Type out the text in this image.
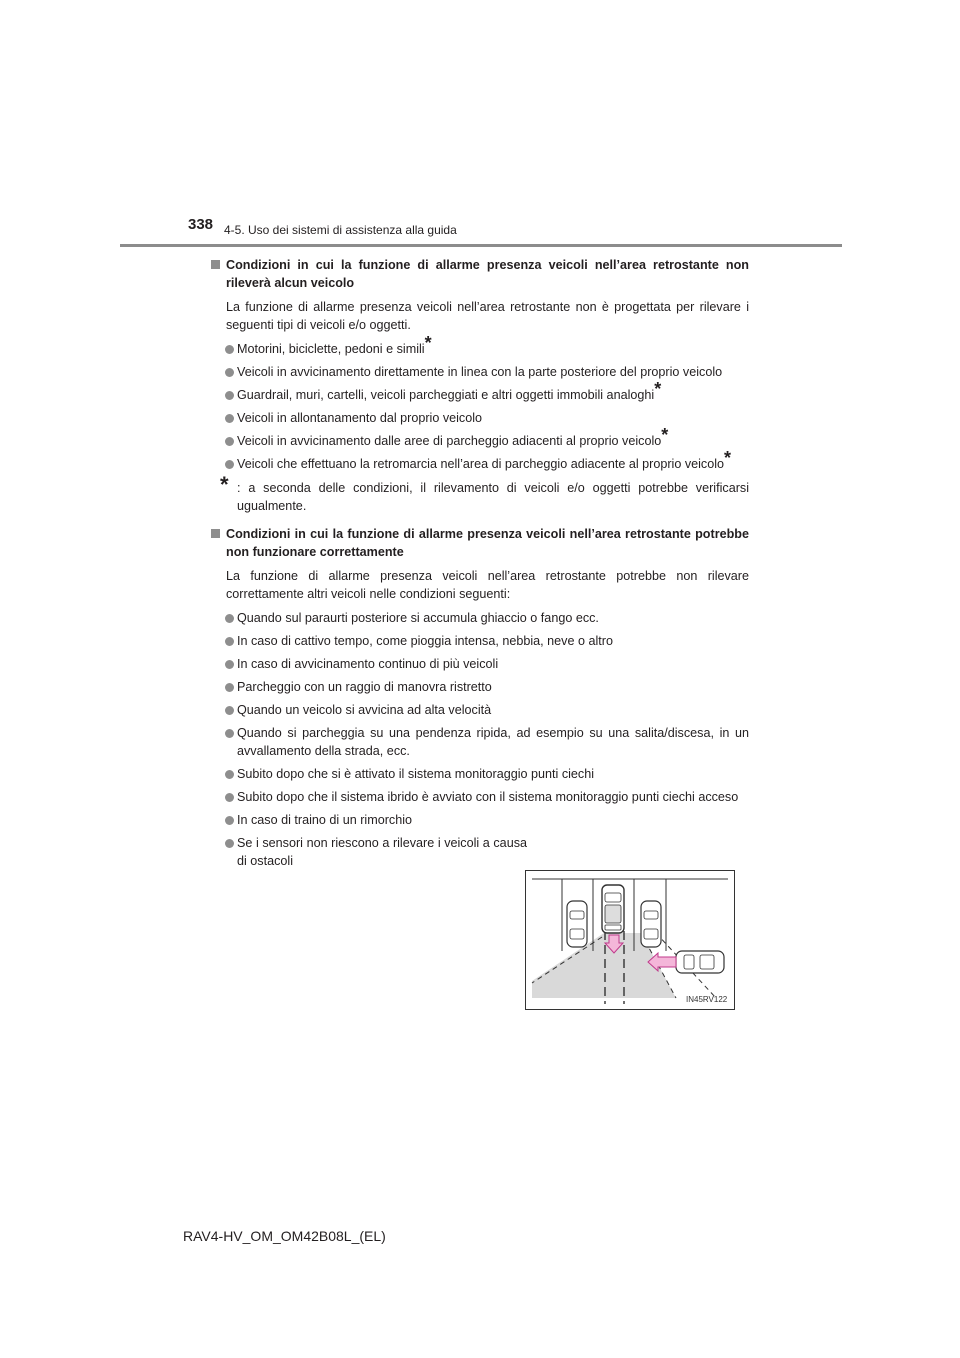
338 4-5. Uso dei sistemi di assistenza alla guida
Condizioni in cui la funzione di allarme presenza veicoli nell’area retrostante non rileverà alcun veicolo
La funzione di allarme presenza veicoli nell’area retrostante non è progettata per rilevare i seguenti tipi di veicoli e/o oggetti.
Motorini, biciclette, pedoni e simili*
Veicoli in avvicinamento direttamente in linea con la parte posteriore del proprio veicolo
Guardrail, muri, cartelli, veicoli parcheggiati e altri oggetti immobili analoghi*
Veicoli in allontanamento dal proprio veicolo
Veicoli in avvicinamento dalle aree di parcheggio adiacenti al proprio veicolo*
Veicoli che effettuano la retromarcia nell’area di parcheggio adiacente al proprio veicolo*
* : a seconda delle condizioni, il rilevamento di veicoli e/o oggetti potrebbe verificarsi ugualmente.
Condizioni in cui la funzione di allarme presenza veicoli nell’area retrostante potrebbe non funzionare correttamente
La funzione di allarme presenza veicoli nell’area retrostante potrebbe non rilevare correttamente altri veicoli nelle condizioni seguenti:
Quando sul paraurti posteriore si accumula ghiaccio o fango ecc.
In caso di cattivo tempo, come pioggia intensa, nebbia, neve o altro
In caso di avvicinamento continuo di più veicoli
Parcheggio con un raggio di manovra ristretto
Quando un veicolo si avvicina ad alta velocità
Quando si parcheggia su una pendenza ripida, ad esempio su una salita/discesa, in un avvallamento della strada, ecc.
Subito dopo che si è attivato il sistema monitoraggio punti ciechi
Subito dopo che il sistema ibrido è avviato con il sistema monitoraggio punti ciechi acceso
In caso di traino di un rimorchio
Se i sensori non riescono a rilevare i veicoli a causa di ostacoli
IN45RV122
RAV4-HV_OM_OM42B08L_(EL)
